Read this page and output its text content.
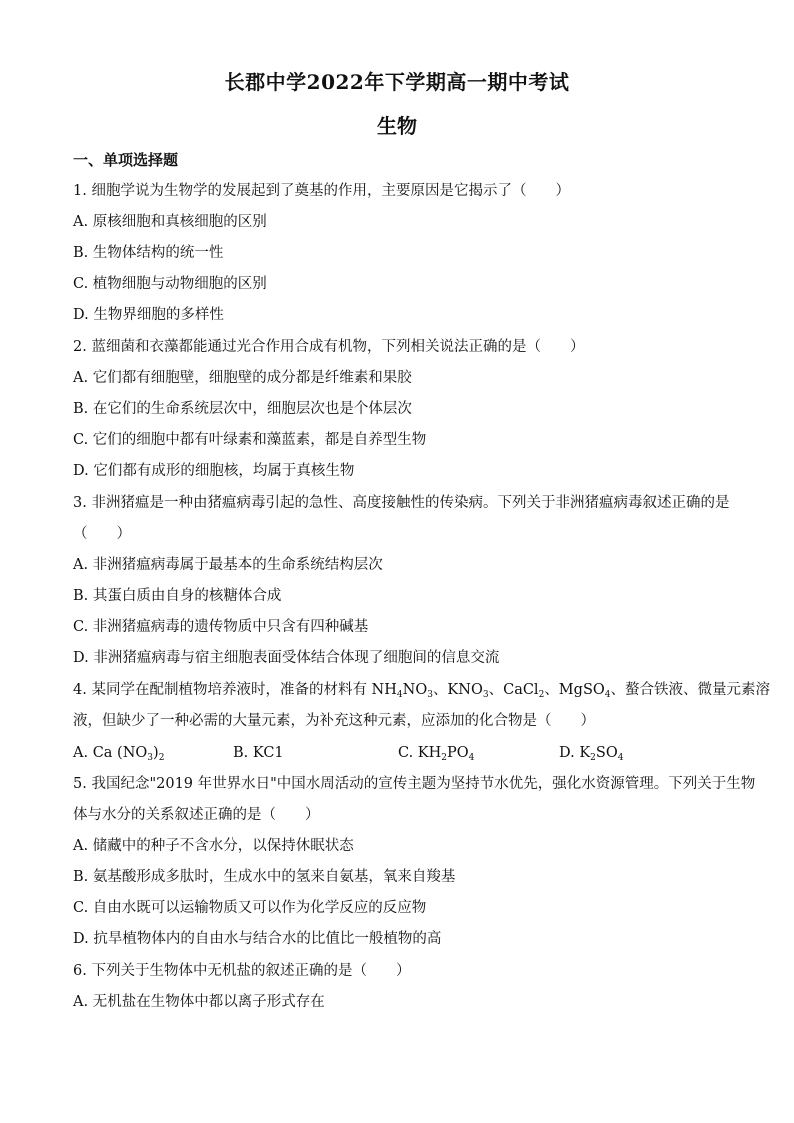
长郡中学2022年下学期高一期中考试
生物
一、单项选择题
1. 细胞学说为生物学的发展起到了奠基的作用，主要原因是它揭示了（　　）
A. 原核细胞和真核细胞的区别
B. 生物体结构的统一性
C. 植物细胞与动物细胞的区别
D. 生物界细胞的多样性
2. 蓝细菌和衣藻都能通过光合作用合成有机物，下列相关说法正确的是（　　）
A. 它们都有细胞壁，细胞壁的成分都是纤维素和果胶
B. 在它们的生命系统层次中，细胞层次也是个体层次
C. 它们的细胞中都有叶绿素和藻蓝素，都是自养型生物
D. 它们都有成形的细胞核，均属于真核生物
3. 非洲猪瘟是一种由猪瘟病毒引起的急性、高度接触性的传染病。下列关于非洲猪瘟病毒叙述正确的是
（　　）
A. 非洲猪瘟病毒属于最基本的生命系统结构层次
B. 其蛋白质由自身的核糖体合成
C. 非洲猪瘟病毒的遗传物质中只含有四种碱基
D. 非洲猪瘟病毒与宿主细胞表面受体结合体现了细胞间的信息交流
4. 某同学在配制植物培养液时，准备的材料有 $NH_4NO_3$、$KNO_3$、CaCl$_2$、MgSO$_4$、螯合铁液、微量元素溶
液，但缺少了一种必需的大量元素，为补充这种元素，应添加的化合物是（　　）
A. Ca $(NO_3)_2$	B. KC1	C. $KH_2PO_4$	D. $K_2SO_4$
5. 我国纪念"2019 年世界水日"中国水周活动的宣传主题为坚持节水优先，强化水资源管理。下列关于生物
体与水分的关系叙述正确的是（　　）
A. 储藏中的种子不含水分，以保持休眠状态
B. 氨基酸形成多肽时，生成水中的氢来自氨基，氧来自羧基
C. 自由水既可以运输物质又可以作为化学反应的反应物
D. 抗旱植物体内的自由水与结合水的比值比一般植物的高
6. 下列关于生物体中无机盐的叙述正确的是（　　）
A. 无机盐在生物体中都以离子形式存在
